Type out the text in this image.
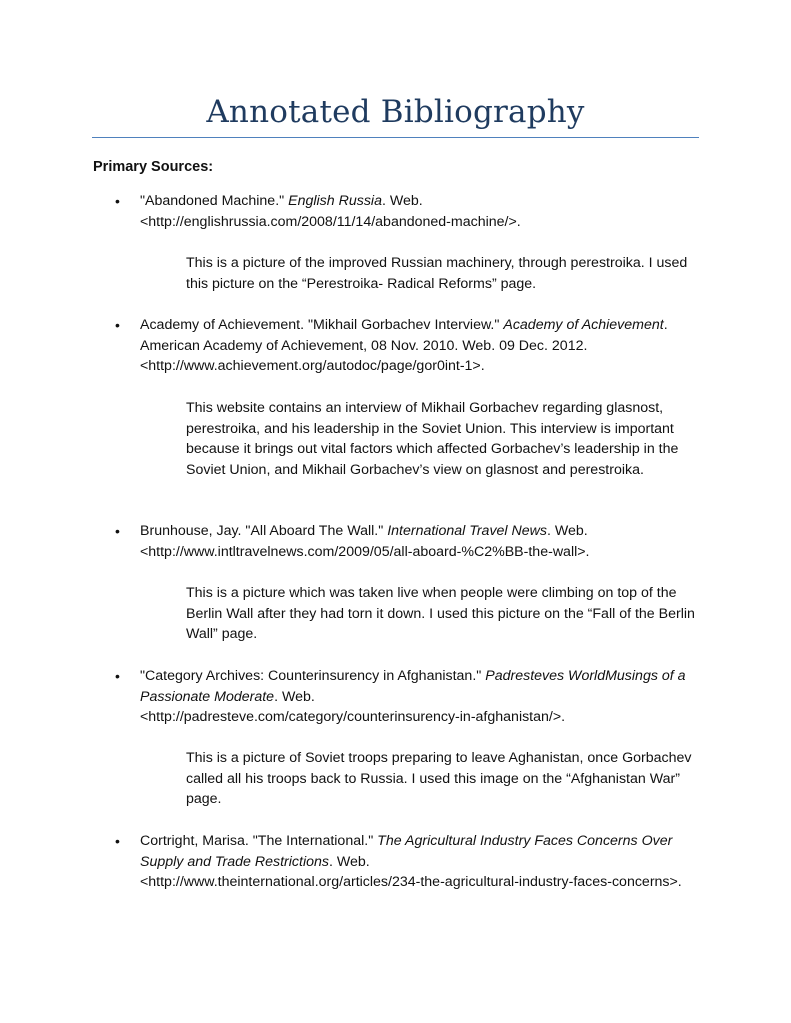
Annotated Bibliography
Primary Sources:
• "Abandoned Machine." English Russia. Web.
<http://englishrussia.com/2008/11/14/abandoned-machine/>.
This is a picture of the improved Russian machinery, through perestroika. I used this picture on the “Perestroika- Radical Reforms” page.
• Academy of Achievement. "Mikhail Gorbachev Interview." Academy of Achievement. American Academy of Achievement, 08 Nov. 2010. Web. 09 Dec. 2012. <http://www.achievement.org/autodoc/page/gor0int-1>.
This website contains an interview of Mikhail Gorbachev regarding glasnost, perestroika, and his leadership in the Soviet Union. This interview is important because it brings out vital factors which affected Gorbachev’s leadership in the Soviet Union, and Mikhail Gorbachev’s view on glasnost and perestroika.
• Brunhouse, Jay. "All Aboard The Wall." International Travel News. Web.
<http://www.intltravelnews.com/2009/05/all-aboard-%C2%BB-the-wall>.
This is a picture which was taken live when people were climbing on top of the Berlin Wall after they had torn it down. I used this picture on the “Fall of the Berlin Wall” page.
• "Category Archives: Counterinsurency in Afghanistan." Padresteves WorldMusings of a Passionate Moderate. Web.
<http://padresteve.com/category/counterinsurency-in-afghanistan/>.
This is a picture of Soviet troops preparing to leave Aghanistan, once Gorbachev called all his troops back to Russia. I used this image on the “Afghanistan War” page.
• Cortright, Marisa. "The International." The Agricultural Industry Faces Concerns Over Supply and Trade Restrictions. Web.
<http://www.theinternational.org/articles/234-the-agricultural-industry-faces-concerns>.
